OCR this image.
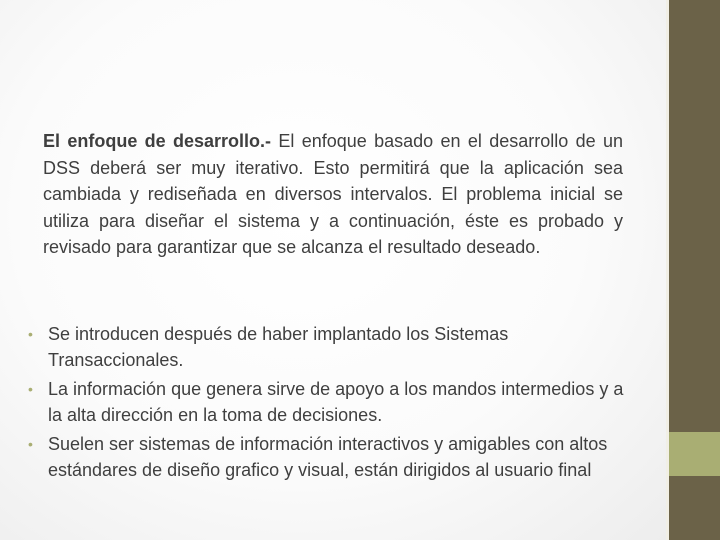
El enfoque de desarrollo.- El enfoque basado en el desarrollo de un DSS deberá ser muy iterativo. Esto permitirá que la aplicación sea cambiada y rediseñada en diversos intervalos. El problema inicial se utiliza para diseñar el sistema y a continuación, éste es probado y revisado para garantizar que se alcanza el resultado deseado.

• Se introducen después de haber implantado los Sistemas Transaccionales.
• La información que genera sirve de apoyo a los mandos intermedios y a la alta dirección en la toma de decisiones.
• Suelen ser sistemas de información interactivos y amigables con altos estándares de diseño grafico y visual, están dirigidos al usuario final
